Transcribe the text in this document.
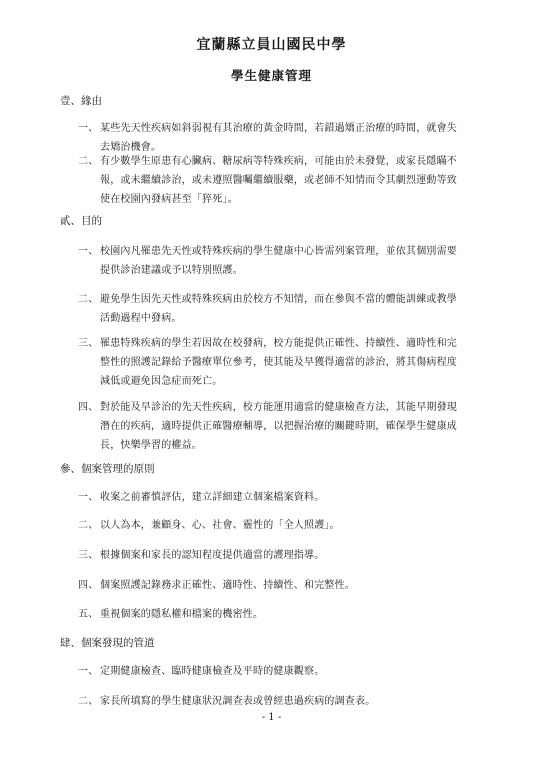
宜蘭縣立員山國民中學
學生健康管理
壹、緣由
一、 某些先天性疾病如斜弱視有其治療的黃金時間，若錯過矯正治療的時間，就會失去矯治機會。
二、 有少數學生原患有心臟病、糖尿病等特殊疾病，可能由於未發覺，或家長隱瞞不報，或未繼續診治，或未遵照醫囑繼續服藥，或老師不知情而令其劇烈運動等致使在校園內發病甚至「猝死」。
貳、目的
一、 校園內凡罹患先天性或特殊疾病的學生健康中心皆需列案管理，並依其個別需要提供診治建議或予以特別照護。
二、 避免學生因先天性或特殊疾病由於校方不知情，而在參與不當的體能訓練或教學活動過程中發病。
三、 罹患特殊疾病的學生若因故在校發病，校方能提供正確性、持續性、適時性和完整性的照護記錄給予醫療單位參考，使其能及早獲得適當的診治，將其傷病程度減低或避免因急症而死亡。
四、 對於能及早診治的先天性疾病，校方能運用適當的健康檢查方法，其能早期發現潛在的疾病，適時提供正確醫療輔導，以把握治療的關鍵時期，確保學生健康成長，快樂學習的權益。
參、個案管理的原則
一、 收案之前審慎評估，建立詳細建立個案檔案資料。
二、 以人為本，兼顧身、心、社會、靈性的「全人照護」。
三、 根據個案和家長的認知程度提供適當的護理指導。
四、 個案照護記錄務求正確性、適時性、持續性、和完整性。
五、 重視個案的隱私權和檔案的機密性。
肆、個案發現的管道
一、 定期健康檢查、臨時健康檢查及平時的健康觀察。
二、 家長所填寫的學生健康狀況調查表或曾經患過疾病的調查表。
- 1 -
